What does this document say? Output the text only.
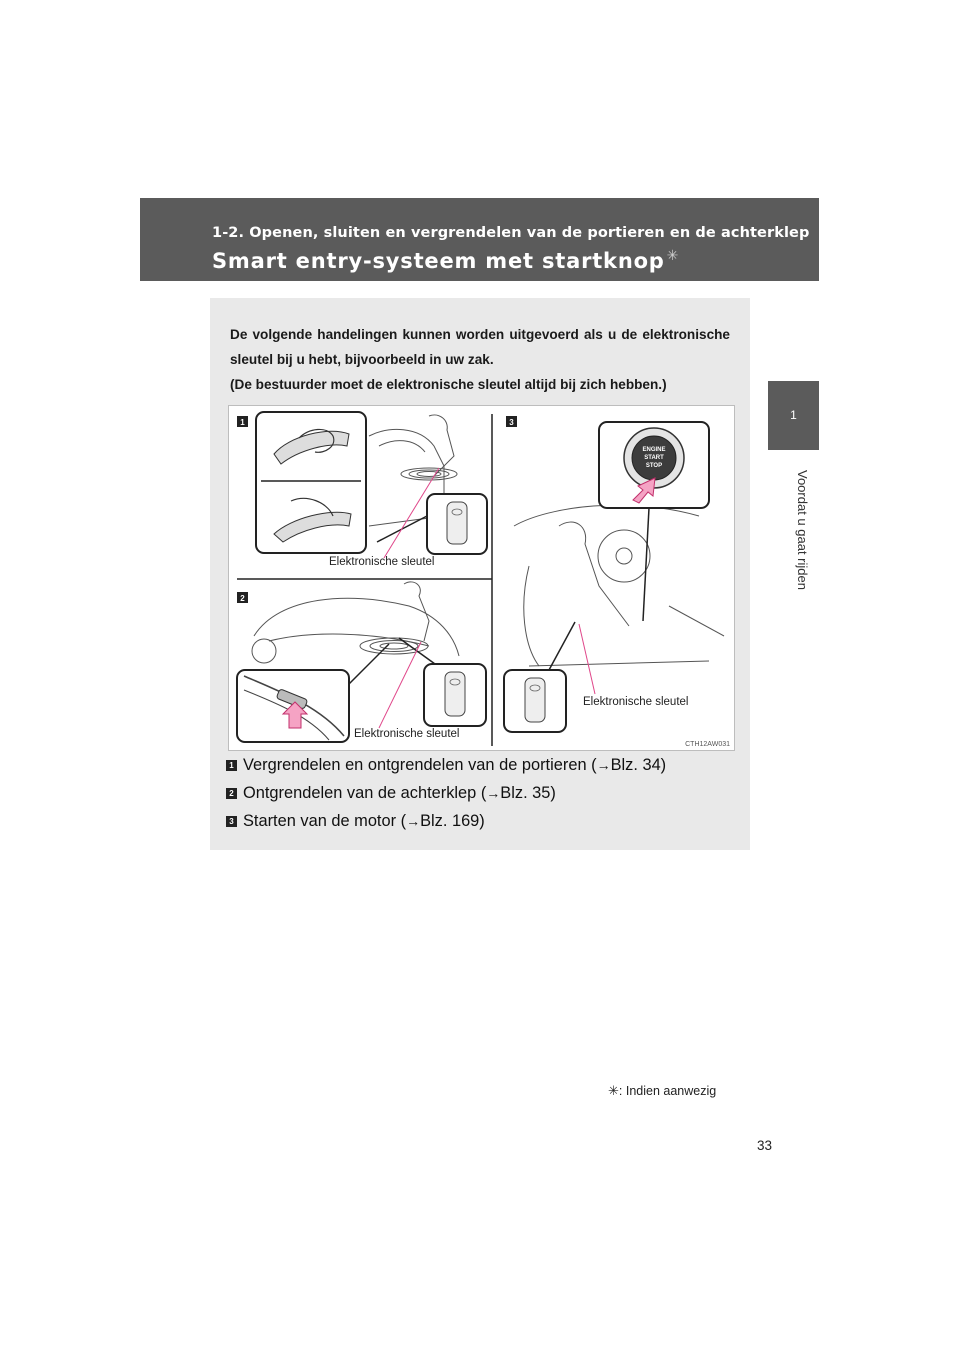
1-2. Openen, sluiten en vergrendelen van de portieren en de achterklep
Smart entry-systeem met startknop ✳
1
Voordat u gaat rijden

De volgende handelingen kunnen worden uitgevoerd als u de elektronische sleutel bij u hebt, bijvoorbeeld in uw zak.

(De bestuurder moet de elektronische sleutel altijd bij zich hebben.)

1
2
3
ENGINE
START
STOP
Elektronische sleutel
Elektronische sleutel
Elektronische sleutel
CTH12AW031
1 Vergrendelen en ontgrendelen van de portieren (→Blz. 34)
2 Ontgrendelen van de achterklep (→Blz. 35)
3 Starten van de motor (→Blz. 169)
✳: Indien aanwezig
33
